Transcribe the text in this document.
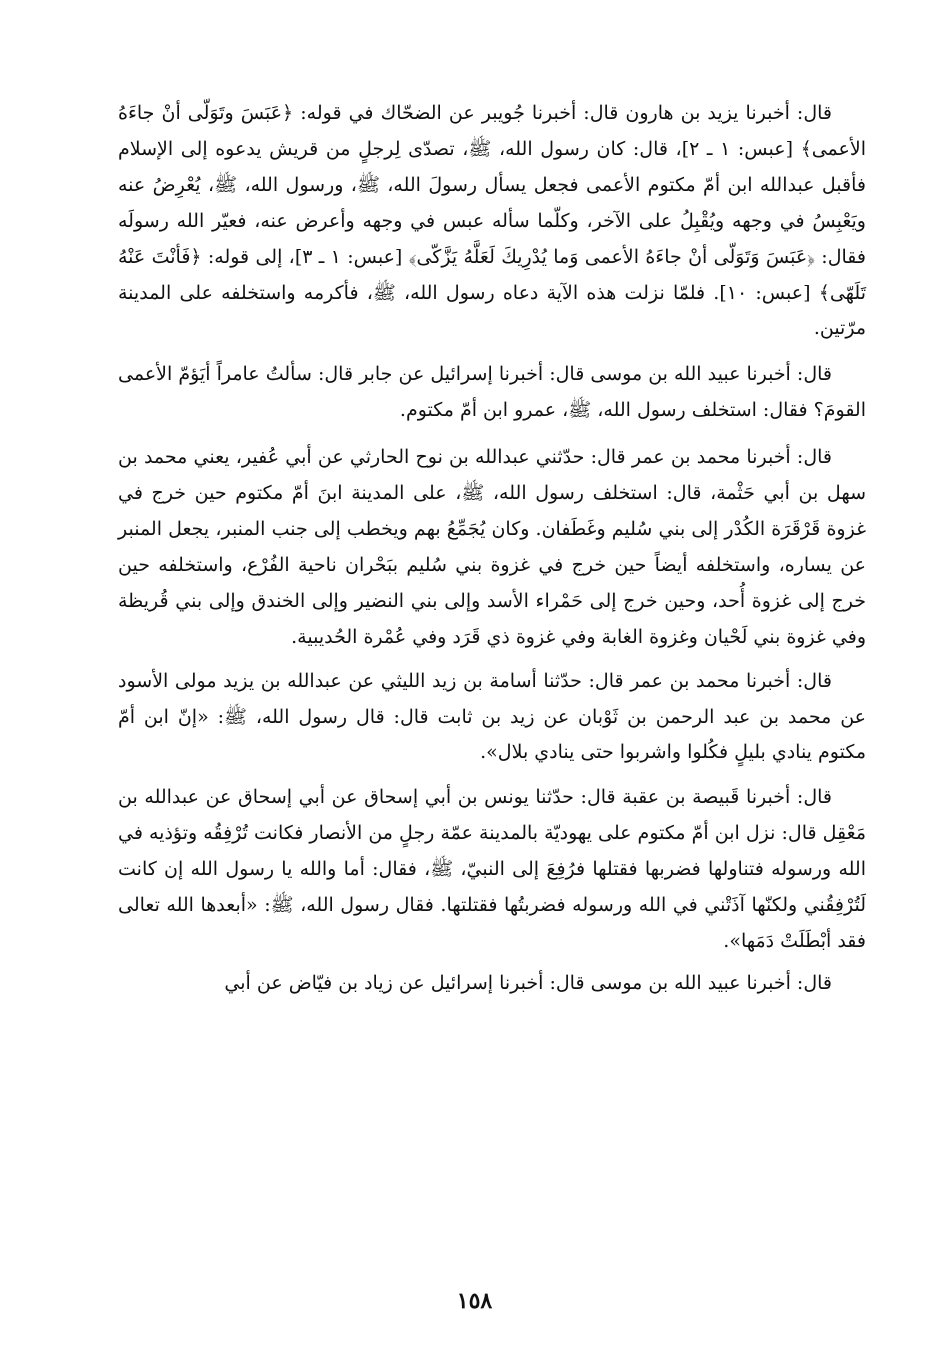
قال: أخبرنا يزيد بن هارون قال: أخبرنا جُويبر عن الضحّاك في قوله: ﴿عَبَسَ وتَوَلّى أنْ جاءَهُ الأعمى﴾ [عبس: ١ ـ ٢]، قال: كان رسول الله، ﷺ، تصدّى لِرجلٍ من قريش يدعوه إلى الإسلام فأقبل عبدالله ابن أمّ مكتوم الأعمى فجعل يسأل رسولَ الله، ﷺ، ورسول الله، ﷺ، يُعْرِضُ عنه ويَعْبِسُ في وجهه ويُقْبِلُ على الآخر، وكلّما سأله عبس في وجهه وأعرض عنه، فعيّر الله رسولَه فقال: ﴿عَبَسَ وَتَوَلّى أنْ جاءَهُ الأعمى وَما يُدْرِيكَ لَعَلَّهُ يَزَّكّى﴾ [عبس: ١ ـ ٣]، إلى قوله: ﴿فَأنْتَ عَنْهُ تَلَهّى﴾ [عبس: ١٠]. فلمّا نزلت هذه الآية دعاه رسول الله، ﷺ، فأكرمه واستخلفه على المدينة مرّتين.

قال: أخبرنا عبيد الله بن موسى قال: أخبرنا إسرائيل عن جابر قال: سألتُ عامراً أيَؤمّ الأعمى القومَ؟ فقال: استخلف رسول الله، ﷺ، عمرو ابن أمّ مكتوم.

قال: أخبرنا محمد بن عمر قال: حدّثني عبدالله بن نوح الحارثي عن أبي عُفير، يعني محمد بن سهل بن أبي حَثْمة، قال: استخلف رسول الله، ﷺ، على المدينة ابنَ أمّ مكتوم حين خرج في غزوة قَرْقَرَة الكُدْر إلى بني سُليم وغَطَفان. وكان يُجَمِّعُ بهم ويخطب إلى جنب المنبر، يجعل المنبر عن يساره، واستخلفه أيضاً حين خرج في غزوة بني سُليم ببَحْران ناحية الفُرْع، واستخلفه حين خرج إلى غزوة أُحد، وحين خرج إلى حَمْراء الأسد وإلى بني النضير وإلى الخندق وإلى بني قُريظة وفي غزوة بني لَحْيان وغزوة الغابة وفي غزوة ذي قَرَد وفي عُمْرة الحُديبية.

قال: أخبرنا محمد بن عمر قال: حدّثنا أسامة بن زيد الليثي عن عبدالله بن يزيد مولى الأسود عن محمد بن عبد الرحمن بن ثَوْبان عن زيد بن ثابت قال: قال رسول الله، ﷺ: «إنّ ابن أمّ مكتوم ينادي بليلٍ فكُلوا واشربوا حتى ينادي بلال».

قال: أخبرنا قَبيصة بن عقبة قال: حدّثنا يونس بن أبي إسحاق عن أبي إسحاق عن عبدالله بن مَعْقِل قال: نزل ابن أمّ مكتوم على يهوديّة بالمدينة عمّة رجلٍ من الأنصار فكانت تُرْفِقُه وتؤذيه في الله ورسوله فتناولها فضربها فقتلها فرُفِعَ إلى النبيّ، ﷺ، فقال: أما والله يا رسول الله إن كانت لَتُرْفِقُني ولكنّها آذَتْني في الله ورسوله فضربتُها فقتلتها. فقال رسول الله، ﷺ: «أبعدها الله تعالى فقد أبْطَلَتْ دَمَها».

قال: أخبرنا عبيد الله بن موسى قال: أخبرنا إسرائيل عن زياد بن فيّاض عن أبي

١٥٨
